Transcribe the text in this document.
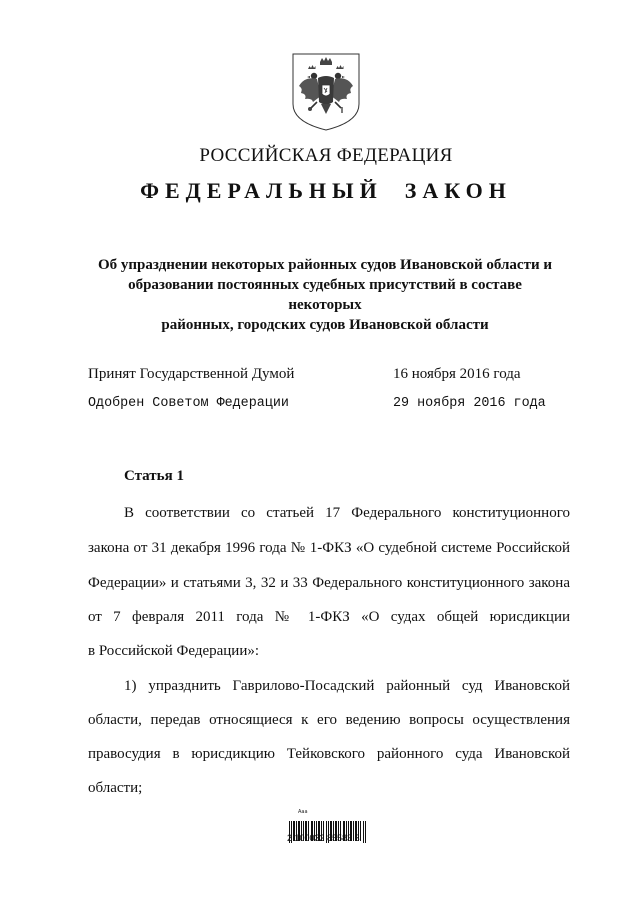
РОССИЙСКАЯ ФЕДЕРАЦИЯ
ФЕДЕРАЛЬНЫЙ ЗАКОН
Об упразднении некоторых районных судов Ивановской области и
образовании постоянных судебных присутствий в составе некоторых
районных, городских судов Ивановской области
Принят Государственной Думой	16 ноября 2016 года
Одобрен Советом Федерации	29 ноября 2016 года
Статья 1
В соответствии со статьей 17 Федерального конституционного
закона от 31 декабря 1996 года № 1-ФКЗ «О судебной системе Российской
Федерации» и статьями 3, 32 и 33 Федерального конституционного закона
от 7 февраля 2011 года № 1-ФКЗ «О судах общей юрисдикции
в Российской Федерации»:
1) упразднить Гаврилово-Посадский районный суд Ивановской
области, передав относящиеся к его ведению вопросы осуществления
правосудия в юрисдикцию Тейковского районного суда Ивановской
области;
Ааа
2 100032 85583 3
